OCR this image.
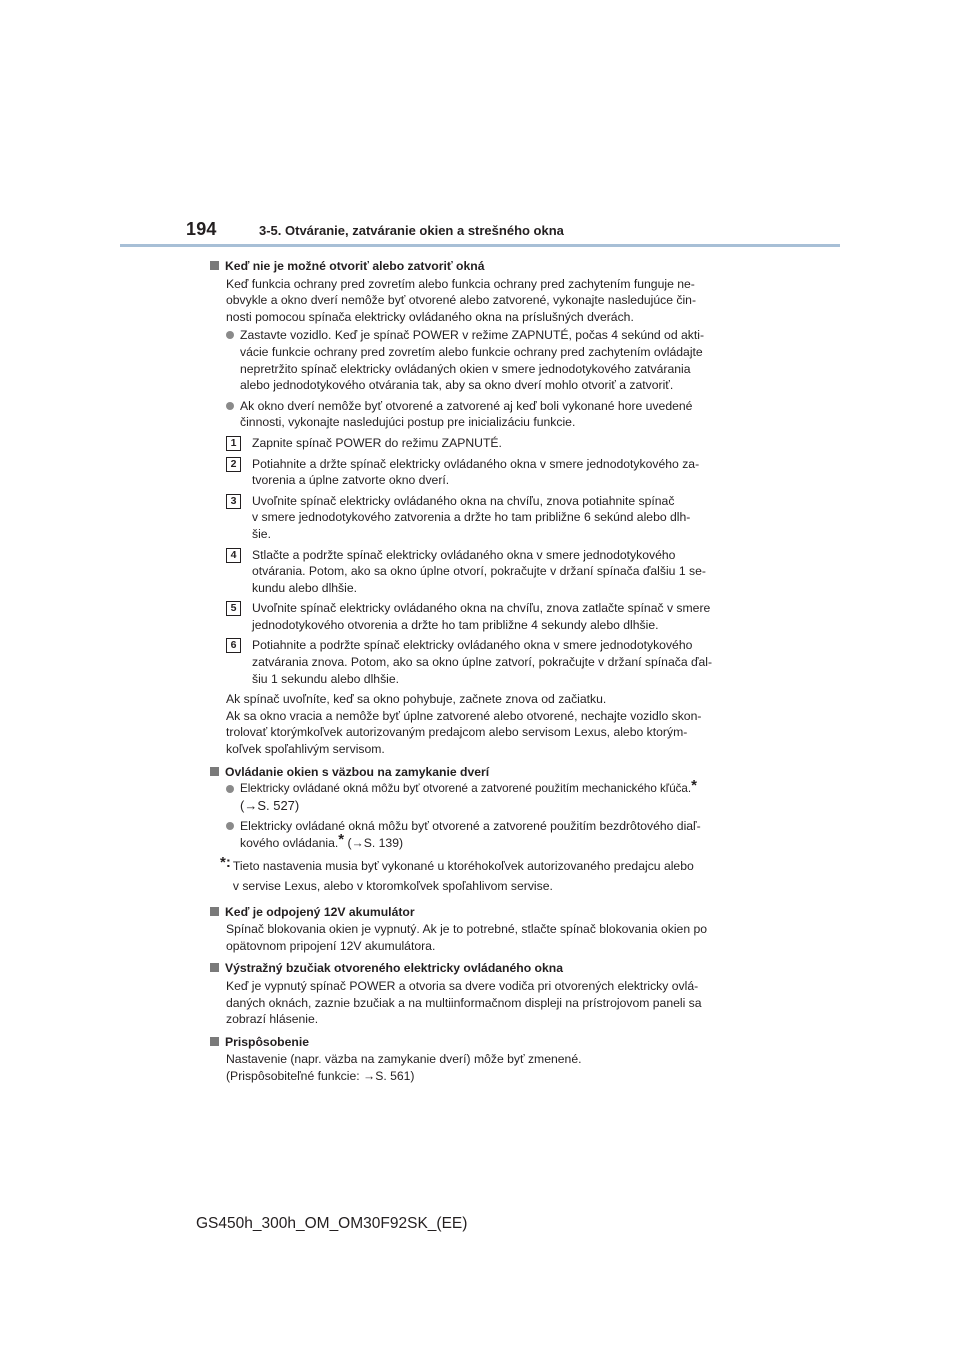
194	3-5. Otváranie, zatváranie okien a strešného okna
Keď nie je možné otvoriť alebo zatvoriť okná
Keď funkcia ochrany pred zovretím alebo funkcia ochrany pred zachytením funguje ne-
obvykle a okno dverí nemôže byť otvorené alebo zatvorené, vykonajte nasledujúce čin-
nosti pomocou spínača elektricky ovládaného okna na príslušných dverách.
Zastavte vozidlo. Keď je spínač POWER v režime ZAPNUTÉ, počas 4 sekúnd od akti-
vácie funkcie ochrany pred zovretím alebo funkcie ochrany pred zachytením ovládajte
nepretržito spínač elektricky ovládaných okien v smere jednodotykového zatvárania
alebo jednodotykového otvárania tak, aby sa okno dverí mohlo otvoriť a zatvoriť.
Ak okno dverí nemôže byť otvorené a zatvorené aj keď boli vykonané hore uvedené
činnosti, vykonajte nasledujúci postup pre inicializáciu funkcie.
1	Zapnite spínač POWER do režimu ZAPNUTÉ.
2	Potiahnite a držte spínač elektricky ovládaného okna v smere jednodotykového za-
tvorenia a úplne zatvorte okno dverí.
3	Uvoľnite spínač elektricky ovládaného okna na chvíľu, znova potiahnite spínač
v smere jednodotykového zatvorenia a držte ho tam približne 6 sekúnd alebo dlh-
šie.
4	Stlačte a podržte spínač elektricky ovládaného okna v smere jednodotykového
otvárania. Potom, ako sa okno úplne otvorí, pokračujte v držaní spínača ďalšiu 1 se-
kundu alebo dlhšie.
5	Uvoľnite spínač elektricky ovládaného okna na chvíľu, znova zatlačte spínač v smere
jednodotykového otvorenia a držte ho tam približne 4 sekundy alebo dlhšie.
6	Potiahnite a podržte spínač elektricky ovládaného okna v smere jednodotykového
zatvárania znova. Potom, ako sa okno úplne zatvorí, pokračujte v držaní spínača ďal-
šiu 1 sekundu alebo dlhšie.
Ak spínač uvoľníte, keď sa okno pohybuje, začnete znova od začiatku.
Ak sa okno vracia a nemôže byť úplne zatvorené alebo otvorené, nechajte vozidlo skon-
trolovať ktorýmkoľvek autorizovaným predajcom alebo servisom Lexus, alebo ktorým-
koľvek spoľahlivým servisom.
Ovládanie okien s väzbou na zamykanie dverí
Elektricky ovládané okná môžu byť otvorené a zatvorené použitím mechanického kľúča.*
(→S. 527)
Elektricky ovládané okná môžu byť otvorené a zatvorené použitím bezdrôtového diaľ-
kového ovládania.* (→S. 139)
*: Tieto nastavenia musia byť vykonané u ktoréhokoľvek autorizovaného predajcu alebo
v servise Lexus, alebo v ktoromkoľvek spoľahlivom servise.
Keď je odpojený 12V akumulátor
Spínač blokovania okien je vypnutý. Ak je to potrebné, stlačte spínač blokovania okien po
opätovnom pripojení 12V akumulátora.
Výstražný bzučiak otvoreného elektricky ovládaného okna
Keď je vypnutý spínač POWER a otvoria sa dvere vodiča pri otvorených elektricky ovlá-
daných oknách, zaznie bzučiak a na multiinformačnom displeji na prístrojovom paneli sa
zobrazí hlásenie.
Prispôsobenie
Nastavenie (napr. väzba na zamykanie dverí) môže byť zmenené.
(Prispôsobiteľné funkcie: →S. 561)
GS450h_300h_OM_OM30F92SK_(EE)
